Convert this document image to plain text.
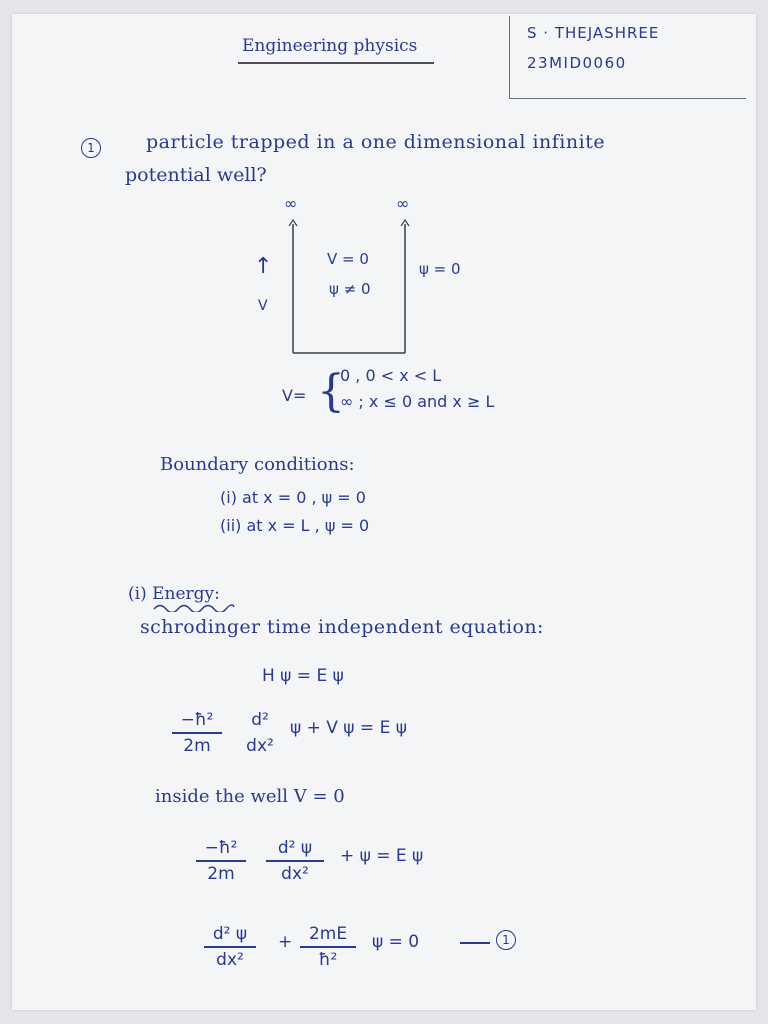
Engineering physics
S · THEJASHREE
23MID0060
1	particle trapped in a one dimensional infinite
potential well?
∞	∞
↑
V
V = 0
ψ ≠ 0
ψ = 0
V= {
0 , 0 < x < L
∞ ; x ≤ 0 and x ≥ L
Boundary conditions:
(i) at x = 0 , ψ = 0
(ii) at x = L , ψ = 0
(i) Energy:
schrodinger time independent equation:
H ψ = E ψ
−ħ²
2m
d²
dx²
ψ + V ψ = E ψ
inside the well V = 0
−ħ²
2m
d² ψ
dx²
+ ψ = E ψ
d² ψ
dx²
+ 2mE
ħ²
ψ = 0	1
